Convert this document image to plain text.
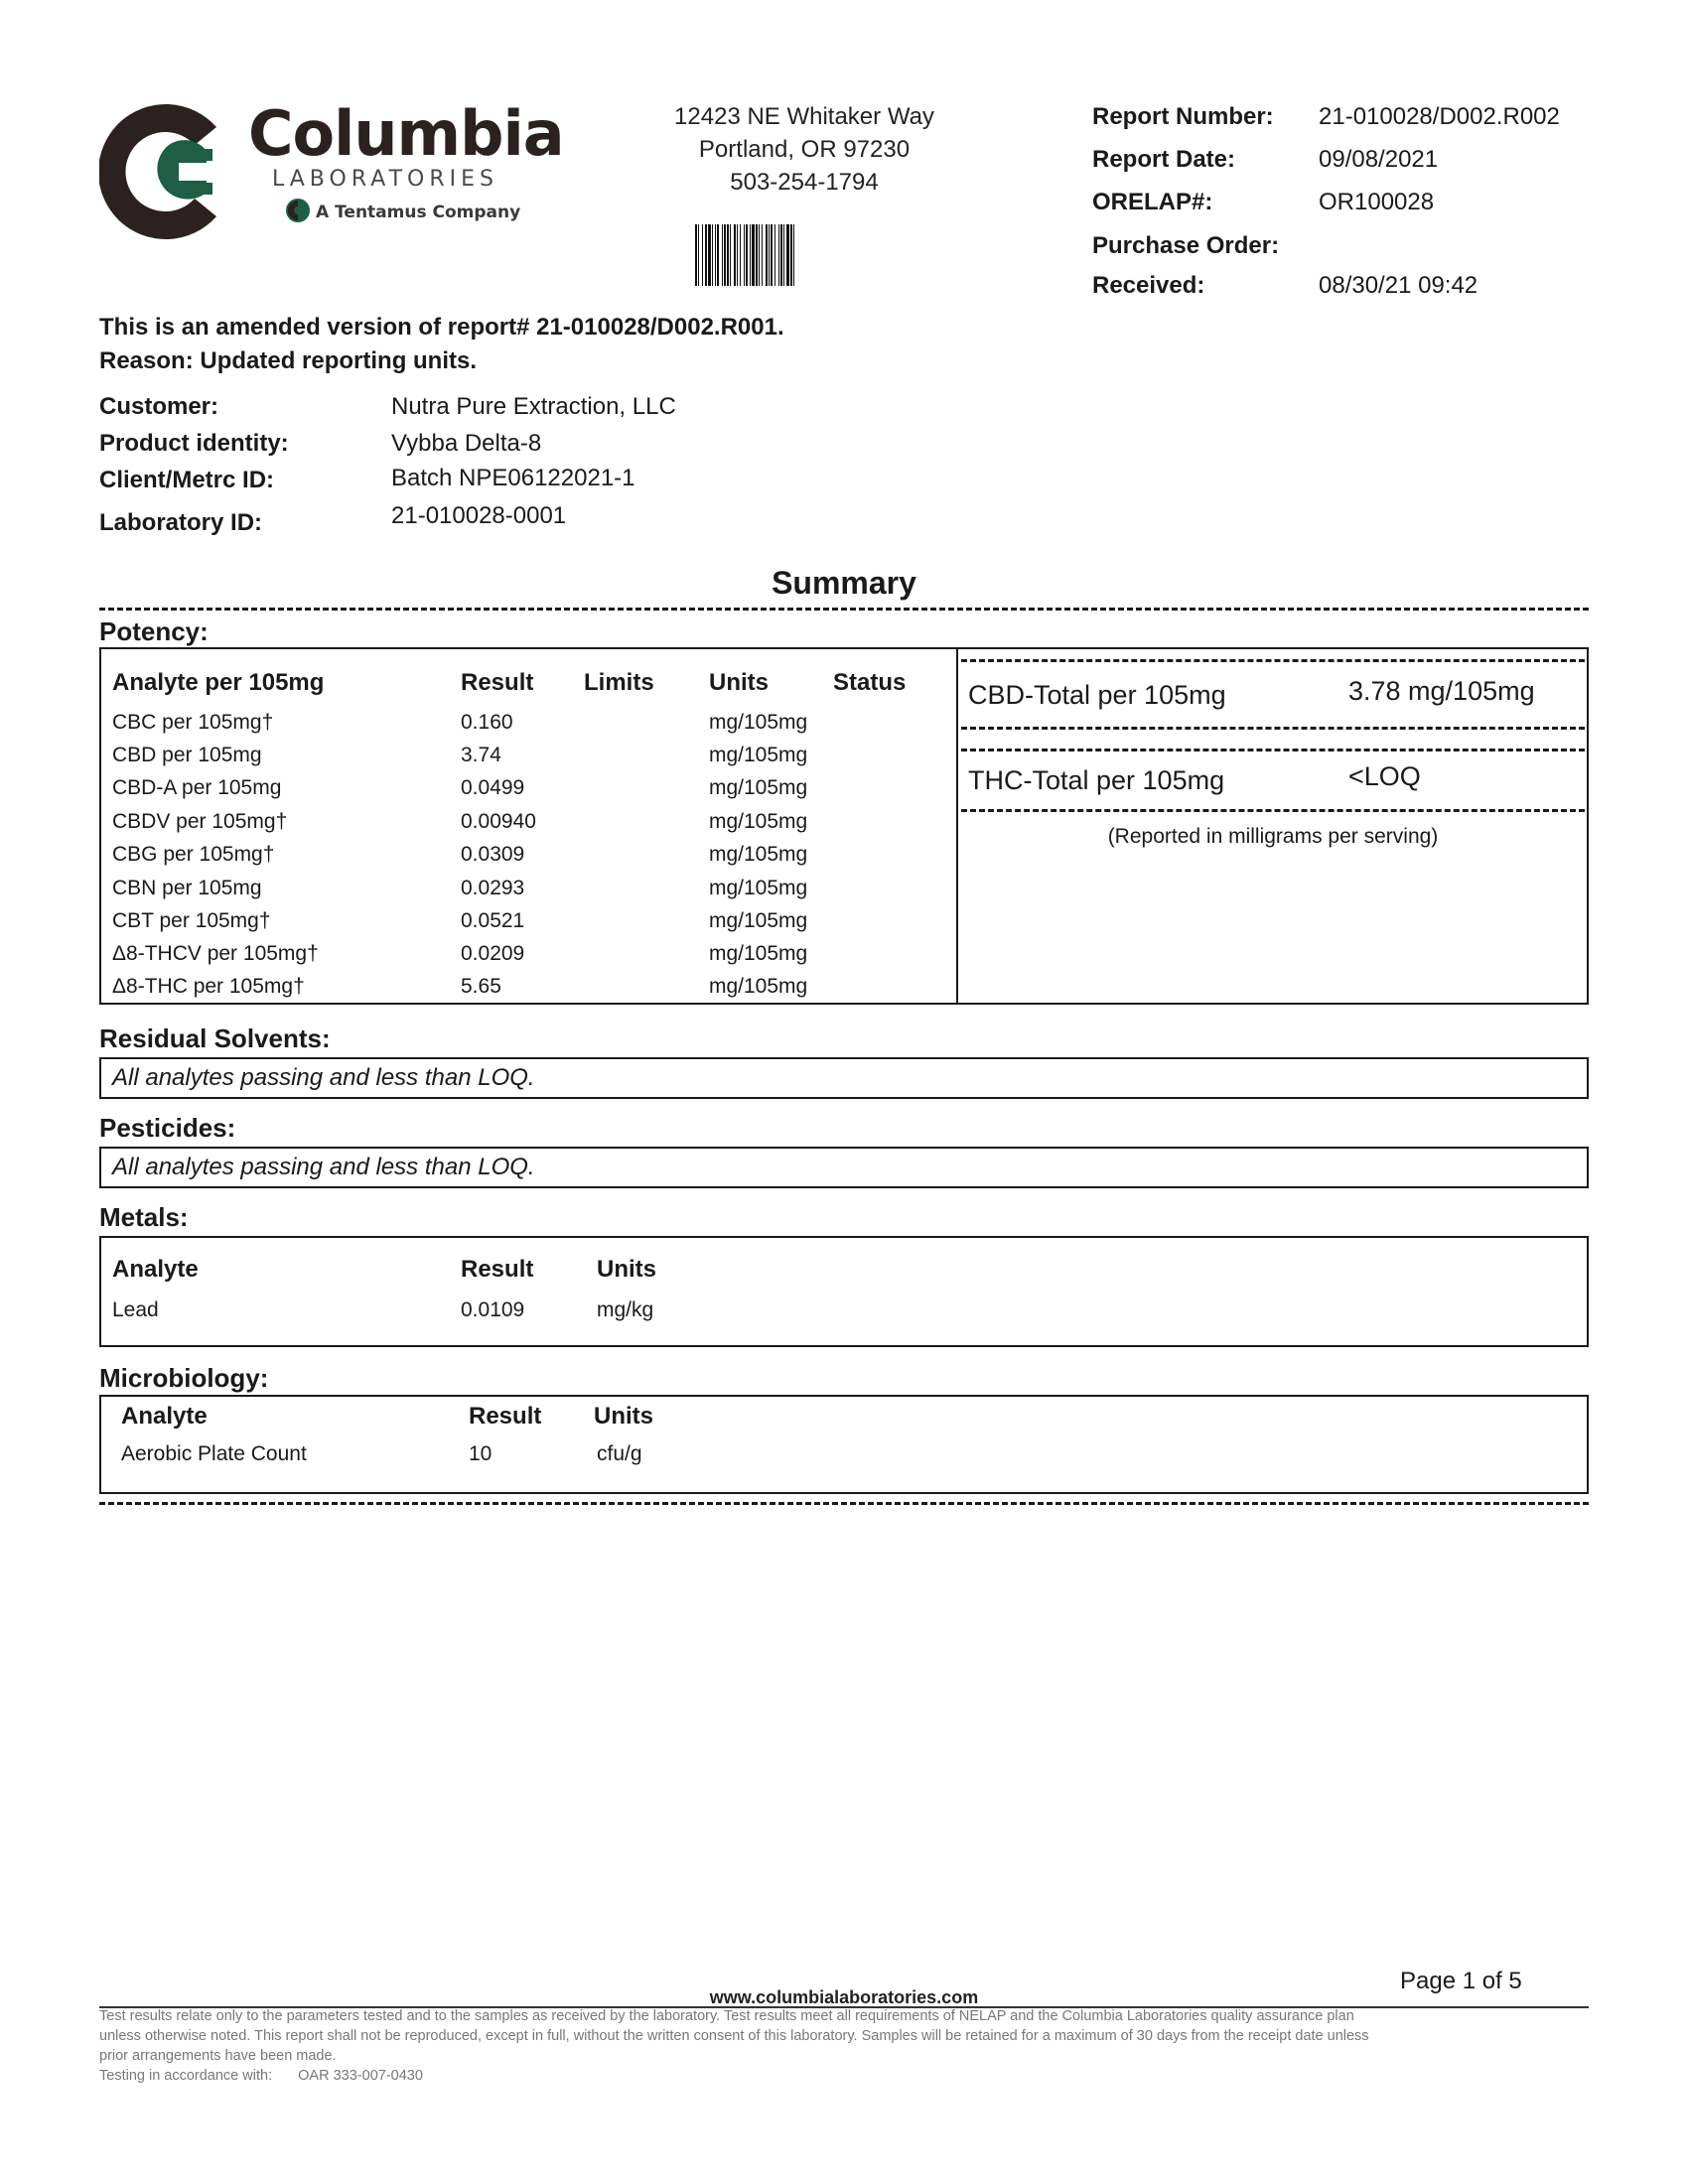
Columbia
LABORATORIES
A Tentamus Company
12423 NE Whitaker Way
Portland, OR 97230
503-254-1794
Report Number: 21-010028/D002.R002
Report Date:	09/08/2021
ORELAP#:	OR100028
Purchase Order:
Received:	08/30/21 09:42
This is an amended version of report# 21-010028/D002.R001.
Reason: Updated reporting units.
Customer:	Nutra Pure Extraction, LLC
Product identity:	Vybba Delta-8
Client/Metrc ID:	Batch NPE06122021-1
Laboratory ID:	21-010028-0001
Summary
Potency:
Analyte per 105mg	Result Limits Units	Status
CBC per 105mg†	0.160	mg/105mg
CBD per 105mg	3.74	mg/105mg
CBD-A per 105mg	0.0499	mg/105mg
CBDV per 105mg†	0.00940	mg/105mg
CBG per 105mg†	0.0309	mg/105mg
CBN per 105mg	0.0293	mg/105mg
CBT per 105mg†	0.0521	mg/105mg
Δ8-THCV per 105mg†	0.0209	mg/105mg
Δ8-THC per 105mg†	5.65	mg/105mg
CBD-Total per 105mg	3.78 mg/105mg
THC-Total per 105mg	<LOQ
(Reported in milligrams per serving)
Residual Solvents:
All analytes passing and less than LOQ.
Pesticides:
All analytes passing and less than LOQ.
Metals:
Analyte	Result	Units
Lead	0.0109	mg/kg
Microbiology:
Analyte	Result Units
Aerobic Plate Count	10	cfu/g
Page 1 of 5
www.columbialaboratories.com
Test results relate only to the parameters tested and to the samples as received by the laboratory. Test results meet all requirements of NELAP and the Columbia Laboratories quality assurance plan
unless otherwise noted. This report shall not be reproduced, except in full, without the written consent of this laboratory. Samples will be retained for a maximum of 30 days from the receipt date unless
prior arrangements have been made.
Testing in accordance with: OAR 333-007-0430
